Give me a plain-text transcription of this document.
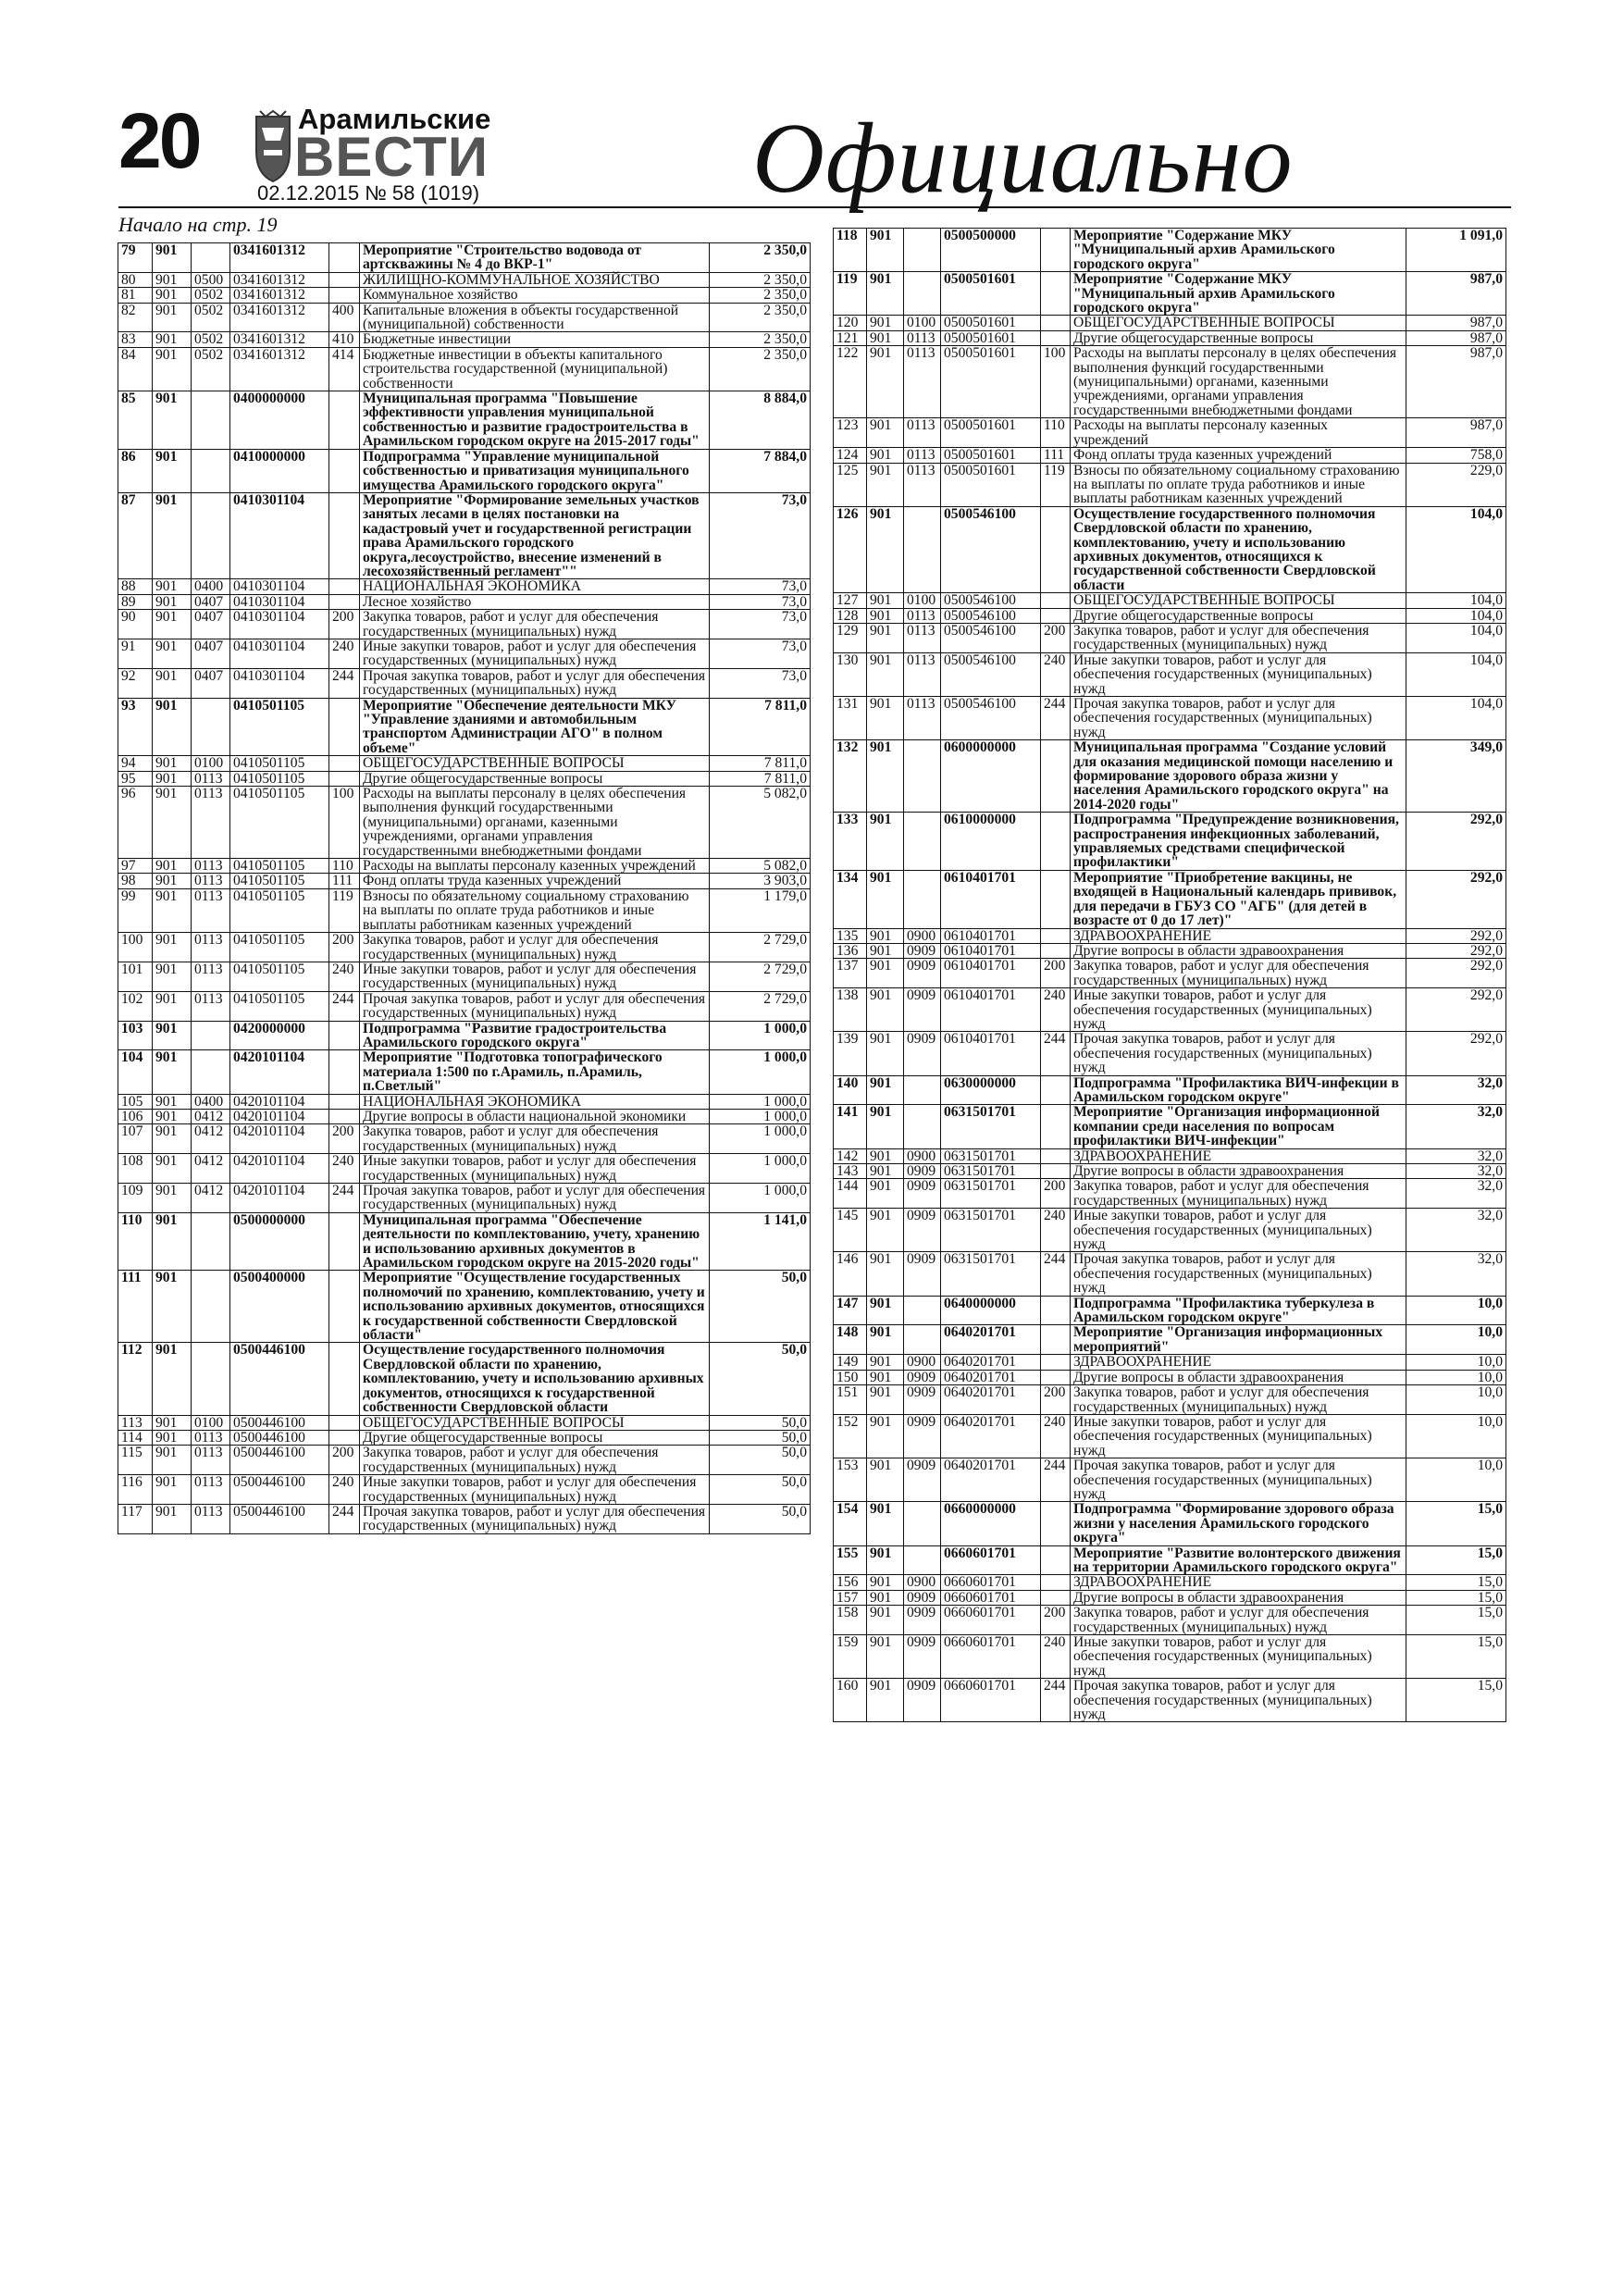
20	Арамильские
ВЕСТИ
02.12.2015 № 58 (1019)	Официально
Начало на стр. 19
79	901		0341601312		Мероприятие "Строительство водовода от артскважины № 4 до ВКР-1"	2 350,0
80	901	0500	0341601312		ЖИЛИЩНО-КОММУНАЛЬНОЕ ХОЗЯЙСТВО	2 350,0
81	901	0502	0341601312		Коммунальное хозяйство	2 350,0
82	901	0502	0341601312	400	Капитальные вложения в объекты государственной (муниципальной) собственности	2 350,0
83	901	0502	0341601312	410	Бюджетные инвестиции	2 350,0
84	901	0502	0341601312	414	Бюджетные инвестиции в объекты капитального строительства государственной (муниципальной) собственности	2 350,0
85	901		0400000000		Муниципальная программа "Повышение эффективности управления муниципальной собственностью и развитие градостроительства в Арамильском городском округе на 2015-2017 годы"	8 884,0
86	901		0410000000		Подпрограмма "Управление муниципальной собственностью и приватизация муниципального имущества Арамильского городского округа"	7 884,0
87	901		0410301104		Мероприятие "Формирование земельных участков занятых лесами в целях постановки на кадастровый учет и государственной регистрации права Арамильского городского округа,лесоустройство, внесение изменений в лесохозяйственный регламент""	73,0
88	901	0400	0410301104		НАЦИОНАЛЬНАЯ ЭКОНОМИКА	73,0
89	901	0407	0410301104		Лесное хозяйство	73,0
90	901	0407	0410301104	200	Закупка товаров, работ и услуг для обеспечения государственных (муниципальных) нужд	73,0
91	901	0407	0410301104	240	Иные закупки товаров, работ и услуг для обеспечения государственных (муниципальных) нужд	73,0
92	901	0407	0410301104	244	Прочая закупка товаров, работ и услуг для обеспечения государственных (муниципальных) нужд	73,0
93	901		0410501105		Мероприятие "Обеспечение деятельности МКУ "Управление зданиями и автомобильным транспортом Администрации АГО" в полном объеме"	7 811,0
94	901	0100	0410501105		ОБЩЕГОСУДАРСТВЕННЫЕ ВОПРОСЫ	7 811,0
95	901	0113	0410501105		Другие общегосударственные вопросы	7 811,0
96	901	0113	0410501105	100	Расходы на выплаты персоналу в целях обеспечения выполнения функций государственными (муниципальными) органами, казенными учреждениями, органами управления государственными внебюджетными фондами	5 082,0
97	901	0113	0410501105	110	Расходы на выплаты персоналу казенных учреждений	5 082,0
98	901	0113	0410501105	111	Фонд оплаты труда казенных учреждений	3 903,0
99	901	0113	0410501105	119	Взносы по обязательному социальному страхованию на выплаты по оплате труда работников и иные выплаты работникам казенных учреждений	1 179,0
100	901	0113	0410501105	200	Закупка товаров, работ и услуг для обеспечения государственных (муниципальных) нужд	2 729,0
101	901	0113	0410501105	240	Иные закупки товаров, работ и услуг для обеспечения государственных (муниципальных) нужд	2 729,0
102	901	0113	0410501105	244	Прочая закупка товаров, работ и услуг для обеспечения государственных (муниципальных) нужд	2 729,0
103	901		0420000000		Подпрограмма "Развитие градостроительства Арамильского городского округа"	1 000,0
104	901		0420101104		Мероприятие "Подготовка топографического материала 1:500 по г.Арамиль, п.Арамиль, п.Светлый"	1 000,0
105	901	0400	0420101104		НАЦИОНАЛЬНАЯ ЭКОНОМИКА	1 000,0
106	901	0412	0420101104		Другие вопросы в области национальной экономики	1 000,0
107	901	0412	0420101104	200	Закупка товаров, работ и услуг для обеспечения государственных (муниципальных) нужд	1 000,0
108	901	0412	0420101104	240	Иные закупки товаров, работ и услуг для обеспечения государственных (муниципальных) нужд	1 000,0
109	901	0412	0420101104	244	Прочая закупка товаров, работ и услуг для обеспечения государственных (муниципальных) нужд	1 000,0
110	901		0500000000		Муниципальная программа "Обеспечение деятельности по комплектованию, учету, хранению и использованию архивных документов в Арамильском городском округе на 2015-2020 годы"	1 141,0
111	901		0500400000		Мероприятие "Осуществление государственных полномочий по хранению, комплектованию, учету и использованию архивных документов, относящихся к государственной собственности Свердловской области"	50,0
112	901		0500446100		Осуществление государственного полномочия Свердловской области по хранению, комплектованию, учету и использованию архивных документов, относящихся к государственной собственности Свердловской области	50,0
113	901	0100	0500446100		ОБЩЕГОСУДАРСТВЕННЫЕ ВОПРОСЫ	50,0
114	901	0113	0500446100		Другие общегосударственные вопросы	50,0
115	901	0113	0500446100	200	Закупка товаров, работ и услуг для обеспечения государственных (муниципальных) нужд	50,0
116	901	0113	0500446100	240	Иные закупки товаров, работ и услуг для обеспечения государственных (муниципальных) нужд	50,0
117	901	0113	0500446100	244	Прочая закупка товаров, работ и услуг для обеспечения государственных (муниципальных) нужд	50,0
118	901		0500500000		Мероприятие "Содержание МКУ "Муниципальный архив Арамильского городского округа"	1 091,0
119	901		0500501601		Мероприятие "Содержание МКУ "Муниципальный архив Арамильского городского округа"	987,0
120	901	0100	0500501601		ОБЩЕГОСУДАРСТВЕННЫЕ ВОПРОСЫ	987,0
121	901	0113	0500501601		Другие общегосударственные вопросы	987,0
122	901	0113	0500501601	100	Расходы на выплаты персоналу в целях обеспечения выполнения функций государственными (муниципальными) органами, казенными учреждениями, органами управления государственными внебюджетными фондами	987,0
123	901	0113	0500501601	110	Расходы на выплаты персоналу казенных учреждений	987,0
124	901	0113	0500501601	111	Фонд оплаты труда казенных учреждений	758,0
125	901	0113	0500501601	119	Взносы по обязательному социальному страхованию на выплаты по оплате труда работников и иные выплаты работникам казенных учреждений	229,0
126	901		0500546100		Осуществление государственного полномочия Свердловской области по хранению, комплектованию, учету и использованию архивных документов, относящихся к государственной собственности Свердловской области	104,0
127	901	0100	0500546100		ОБЩЕГОСУДАРСТВЕННЫЕ ВОПРОСЫ	104,0
128	901	0113	0500546100		Другие общегосударственные вопросы	104,0
129	901	0113	0500546100	200	Закупка товаров, работ и услуг для обеспечения государственных (муниципальных) нужд	104,0
130	901	0113	0500546100	240	Иные закупки товаров, работ и услуг для обеспечения государственных (муниципальных) нужд	104,0
131	901	0113	0500546100	244	Прочая закупка товаров, работ и услуг для обеспечения государственных (муниципальных) нужд	104,0
132	901		0600000000		Муниципальная программа "Создание условий для оказания медицинской помощи населению и формирование здорового образа жизни у населения Арамильского городского округа" на 2014-2020 годы"	349,0
133	901		0610000000		Подпрограмма "Предупреждение возникновения, распространения инфекционных заболеваний, управляемых средствами специфической профилактики"	292,0
134	901		0610401701		Мероприятие "Приобретение вакцины, не входящей в Национальный календарь прививок, для передачи в ГБУЗ СО "АГБ" (для детей в возрасте от 0 до 17 лет)"	292,0
135	901	0900	0610401701		ЗДРАВООХРАНЕНИЕ	292,0
136	901	0909	0610401701		Другие вопросы в области здравоохранения	292,0
137	901	0909	0610401701	200	Закупка товаров, работ и услуг для обеспечения государственных (муниципальных) нужд	292,0
138	901	0909	0610401701	240	Иные закупки товаров, работ и услуг для обеспечения государственных (муниципальных) нужд	292,0
139	901	0909	0610401701	244	Прочая закупка товаров, работ и услуг для обеспечения государственных (муниципальных) нужд	292,0
140	901		0630000000		Подпрограмма "Профилактика ВИЧ-инфекции в Арамильском городском округе"	32,0
141	901		0631501701		Мероприятие "Организация информационной компании среди населения по вопросам профилактики ВИЧ-инфекции"	32,0
142	901	0900	0631501701		ЗДРАВООХРАНЕНИЕ	32,0
143	901	0909	0631501701		Другие вопросы в области здравоохранения	32,0
144	901	0909	0631501701	200	Закупка товаров, работ и услуг для обеспечения государственных (муниципальных) нужд	32,0
145	901	0909	0631501701	240	Иные закупки товаров, работ и услуг для обеспечения государственных (муниципальных) нужд	32,0
146	901	0909	0631501701	244	Прочая закупка товаров, работ и услуг для обеспечения государственных (муниципальных) нужд	32,0
147	901		0640000000		Подпрограмма "Профилактика туберкулеза в Арамильском городском округе"	10,0
148	901		0640201701		Мероприятие "Организация информационных мероприятий"	10,0
149	901	0900	0640201701		ЗДРАВООХРАНЕНИЕ	10,0
150	901	0909	0640201701		Другие вопросы в области здравоохранения	10,0
151	901	0909	0640201701	200	Закупка товаров, работ и услуг для обеспечения государственных (муниципальных) нужд	10,0
152	901	0909	0640201701	240	Иные закупки товаров, работ и услуг для обеспечения государственных (муниципальных) нужд	10,0
153	901	0909	0640201701	244	Прочая закупка товаров, работ и услуг для обеспечения государственных (муниципальных) нужд	10,0
154	901		0660000000		Подпрограмма "Формирование здорового образа жизни у населения Арамильского городского округа"	15,0
155	901		0660601701		Мероприятие "Развитие волонтерского движения на территории Арамильского городского округа"	15,0
156	901	0900	0660601701		ЗДРАВООХРАНЕНИЕ	15,0
157	901	0909	0660601701		Другие вопросы в области здравоохранения	15,0
158	901	0909	0660601701	200	Закупка товаров, работ и услуг для обеспечения государственных (муниципальных) нужд	15,0
159	901	0909	0660601701	240	Иные закупки товаров, работ и услуг для обеспечения государственных (муниципальных) нужд	15,0
160	901	0909	0660601701	244	Прочая закупка товаров, работ и услуг для обеспечения государственных (муниципальных) нужд	15,0
